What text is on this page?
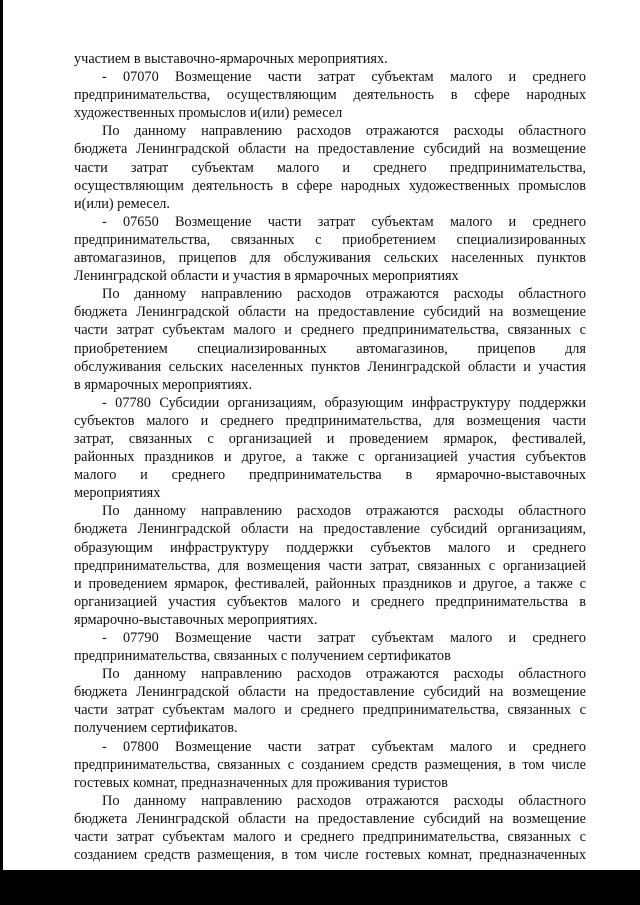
участием в выставочно-ярмарочных мероприятиях.
- 07070 Возмещение части затрат субъектам малого и среднего
предпринимательства, осуществляющим деятельность в сфере народных
художественных промыслов и(или) ремесел
По данному направлению расходов отражаются расходы областного
бюджета Ленинградской области на предоставление субсидий на возмещение
части затрат субъектам малого и среднего предпринимательства,
осуществляющим деятельность в сфере народных художественных промыслов
и(или) ремесел.
- 07650 Возмещение части затрат субъектам малого и среднего
предпринимательства, связанных с приобретением специализированных
автомагазинов, прицепов для обслуживания сельских населенных пунктов
Ленинградской области и участия в ярмарочных мероприятиях
По данному направлению расходов отражаются расходы областного
бюджета Ленинградской области на предоставление субсидий на возмещение
части затрат субъектам малого и среднего предпринимательства, связанных с
приобретением специализированных автомагазинов, прицепов для
обслуживания сельских населенных пунктов Ленинградской области и участия
в ярмарочных мероприятиях.
- 07780 Субсидии организациям, образующим инфраструктуру поддержки
субъектов малого и среднего предпринимательства, для возмещения части
затрат, связанных с организацией и проведением ярмарок, фестивалей,
районных праздников и другое, а также с организацией участия субъектов
малого и среднего предпринимательства в ярмарочно-выставочных
мероприятиях
По данному направлению расходов отражаются расходы областного
бюджета Ленинградской области на предоставление субсидий организациям,
образующим инфраструктуру поддержки субъектов малого и среднего
предпринимательства, для возмещения части затрат, связанных с организацией
и проведением ярмарок, фестивалей, районных праздников и другое, а также с
организацией участия субъектов малого и среднего предпринимательства в
ярмарочно-выставочных мероприятиях.
- 07790 Возмещение части затрат субъектам малого и среднего
предпринимательства, связанных с получением сертификатов
По данному направлению расходов отражаются расходы областного
бюджета Ленинградской области на предоставление субсидий на возмещение
части затрат субъектам малого и среднего предпринимательства, связанных с
получением сертификатов.
- 07800 Возмещение части затрат субъектам малого и среднего
предпринимательства, связанных с созданием средств размещения, в том числе
гостевых комнат, предназначенных для проживания туристов
По данному направлению расходов отражаются расходы областного
бюджета Ленинградской области на предоставление субсидий на возмещение
части затрат субъектам малого и среднего предпринимательства, связанных с
созданием средств размещения, в том числе гостевых комнат, предназначенных
